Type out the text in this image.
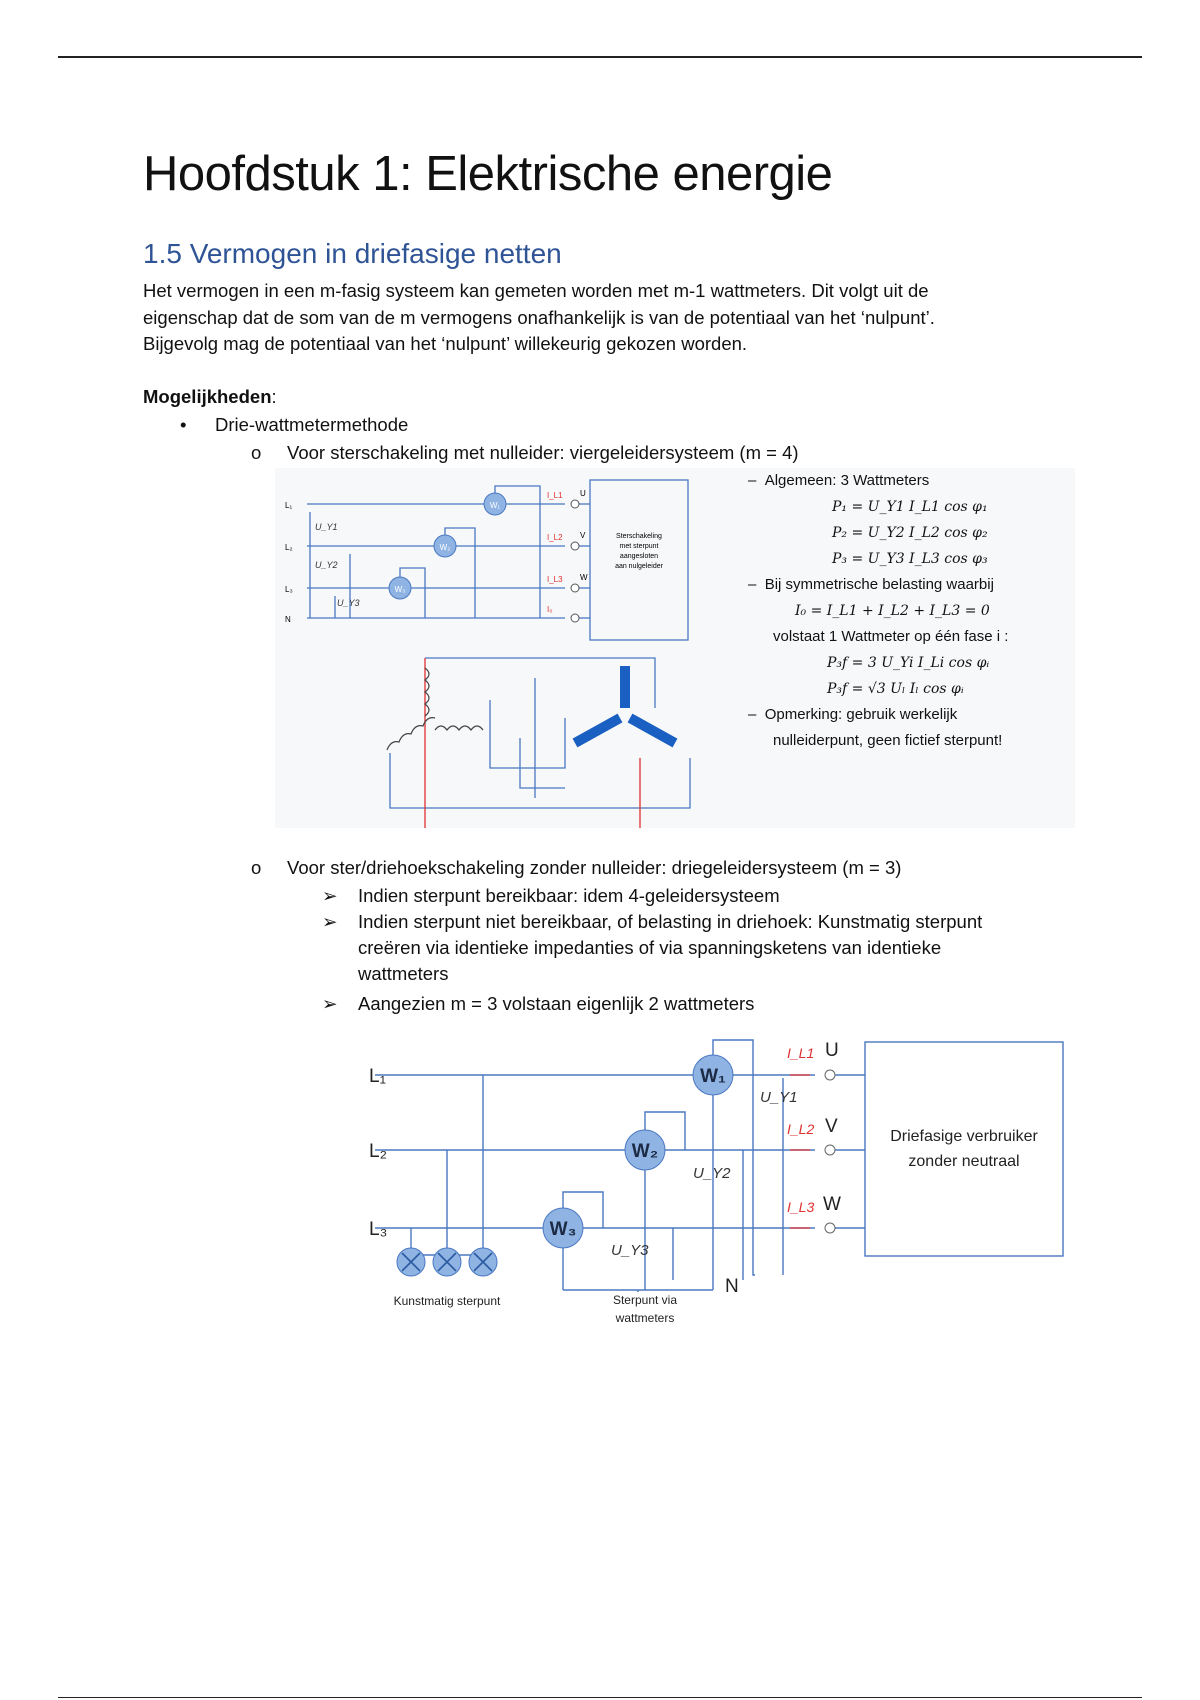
Hoofdstuk 1: Elektrische energie
1.5 Vermogen in driefasige netten

Het vermogen in een m-fasig systeem kan gemeten worden met m-1 wattmeters. Dit volgt uit de

eigenschap dat de som van de m vermogens onafhankelijk is van de potentiaal van het ‘nulpunt’.

Bijgevolg mag de potentiaal van het ‘nulpunt’ willekeurig gekozen worden.

Mogelijkheden:
• Drie-wattmetermethode
o Voor sterschakeling met nulleider: viergeleidersysteem (m = 4)
W₁
W₂
W₃
L₁
L₂
L₃
N
U_Y1
U_Y2
U_Y3
I_L1
I_L2
I_L3
I₀
U
V
W
Sterschakeling
met sterpunt
aangesloten
aan nulgeleider
– Algemeen: 3 Wattmeters
P₁ = U_Y1 I_L1 cos φ₁
P₂ = U_Y2 I_L2 cos φ₂
P₃ = U_Y3 I_L3 cos φ₃
– Bij symmetrische belasting waarbij
I₀ = I_L1 + I_L2 + I_L3 = 0
volstaat 1 Wattmeter op één fase i :
P₃f = 3 U_Yi I_Li cos φᵢ
P₃f = √3 Uₗ Iₗ cos φᵢ
– Opmerking: gebruik werkelijk
nulleiderpunt, geen fictief sterpunt!
o Voor ster/driehoekschakeling zonder nulleider: driegeleidersysteem (m = 3)
➢ Indien sterpunt bereikbaar: idem 4-geleidersysteem
➢ Indien sterpunt niet bereikbaar, of belasting in driehoek: Kunstmatig sterpunt
creëren via identieke impedanties of via spanningsketens van identieke
wattmeters
➢ Aangezien m = 3 volstaan eigenlijk 2 wattmeters
W₁
W₂
W₃
L₁
L₂
L₃
U
V
W
N
I_L1
I_L2
I_L3
U_Y1
U_Y2
U_Y3
Driefasige verbruiker
zonder neutraal
Kunstmatig sterpunt	Sterpunt via
wattmeters
